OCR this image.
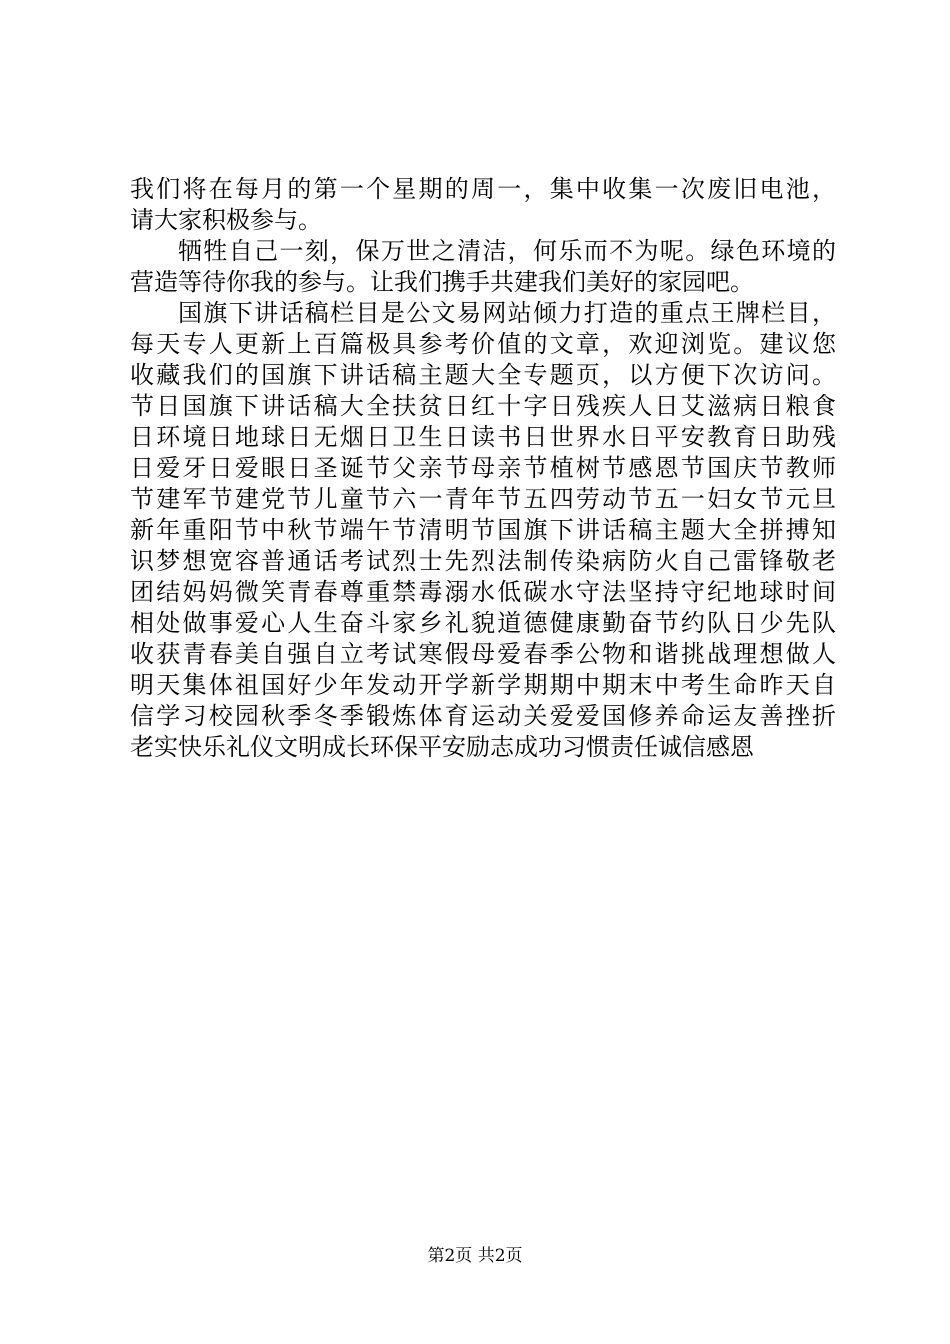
我们将在每月的第一个星期的周一，集中收集一次废旧电池，
请大家积极参与。
牺牲自己一刻，保万世之清洁，何乐而不为呢。绿色环境的
营造等待你我的参与。让我们携手共建我们美好的家园吧。
国旗下讲话稿栏目是公文易网站倾力打造的重点王牌栏目，
每天专人更新上百篇极具参考价值的文章，欢迎浏览。建议您
收藏我们的国旗下讲话稿主题大全专题页，以方便下次访问。
节日国旗下讲话稿大全扶贫日红十字日残疾人日艾滋病日粮食
日环境日地球日无烟日卫生日读书日世界水日平安教育日助残
日爱牙日爱眼日圣诞节父亲节母亲节植树节感恩节国庆节教师
节建军节建党节儿童节六一青年节五四劳动节五一妇女节元旦
新年重阳节中秋节端午节清明节国旗下讲话稿主题大全拼搏知
识梦想宽容普通话考试烈士先烈法制传染病防火自己雷锋敬老
团结妈妈微笑青春尊重禁毒溺水低碳水守法坚持守纪地球时间
相处做事爱心人生奋斗家乡礼貌道德健康勤奋节约队日少先队
收获青春美自强自立考试寒假母爱春季公物和谐挑战理想做人
明天集体祖国好少年发动开学新学期期中期末中考生命昨天自
信学习校园秋季冬季锻炼体育运动关爱爱国修养命运友善挫折
老实快乐礼仪文明成长环保平安励志成功习惯责任诚信感恩
第2页 共2页
